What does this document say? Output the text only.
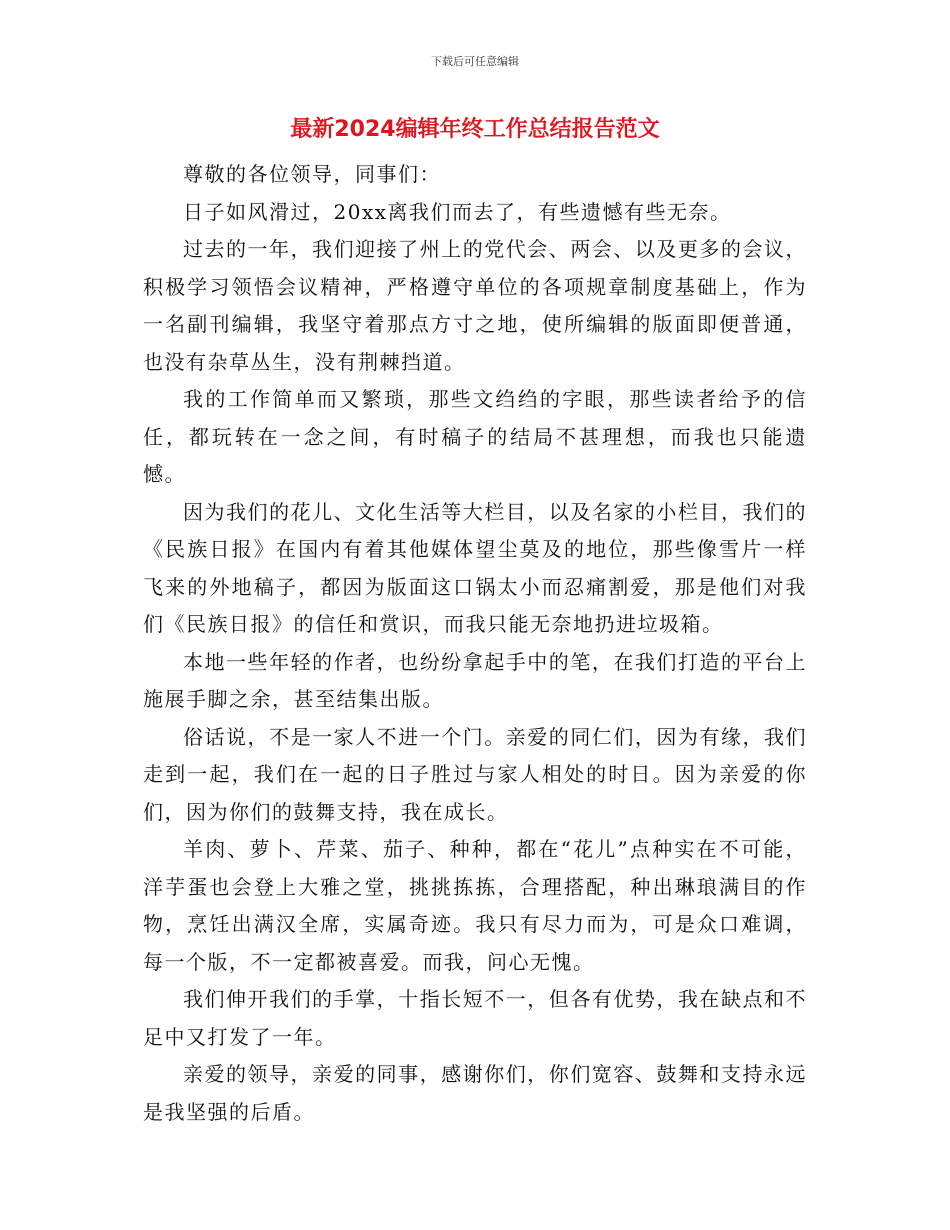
下载后可任意编辑
最新2024编辑年终工作总结报告范文

尊敬的各位领导，同事们：

日子如风滑过，20xx离我们而去了，有些遗憾有些无奈。

过去的一年，我们迎接了州上的党代会、两会、以及更多的会议，积极学习领悟会议精神，严格遵守单位的各项规章制度基础上，作为一名副刊编辑，我坚守着那点方寸之地，使所编辑的版面即便普通，也没有杂草丛生，没有荆棘挡道。

我的工作简单而又繁琐，那些文绉绉的字眼，那些读者给予的信任，都玩转在一念之间，有时稿子的结局不甚理想，而我也只能遗憾。

因为我们的花儿、文化生活等大栏目，以及名家的小栏目，我们的《民族日报》在国内有着其他媒体望尘莫及的地位，那些像雪片一样飞来的外地稿子，都因为版面这口锅太小而忍痛割爱，那是他们对我们《民族日报》的信任和赏识，而我只能无奈地扔进垃圾箱。

本地一些年轻的作者，也纷纷拿起手中的笔，在我们打造的平台上施展手脚之余，甚至结集出版。

俗话说，不是一家人不进一个门。亲爱的同仁们，因为有缘，我们走到一起，我们在一起的日子胜过与家人相处的时日。因为亲爱的你们，因为你们的鼓舞支持，我在成长。

羊肉、萝卜、芹菜、茄子、种种，都在“花儿”点种实在不可能，洋芋蛋也会登上大雅之堂，挑挑拣拣，合理搭配，种出琳琅满目的作物，烹饪出满汉全席，实属奇迹。我只有尽力而为，可是众口难调，每一个版，不一定都被喜爱。而我，问心无愧。

我们伸开我们的手掌，十指长短不一，但各有优势，我在缺点和不足中又打发了一年。

亲爱的领导，亲爱的同事，感谢你们，你们宽容、鼓舞和支持永远是我坚强的后盾。
